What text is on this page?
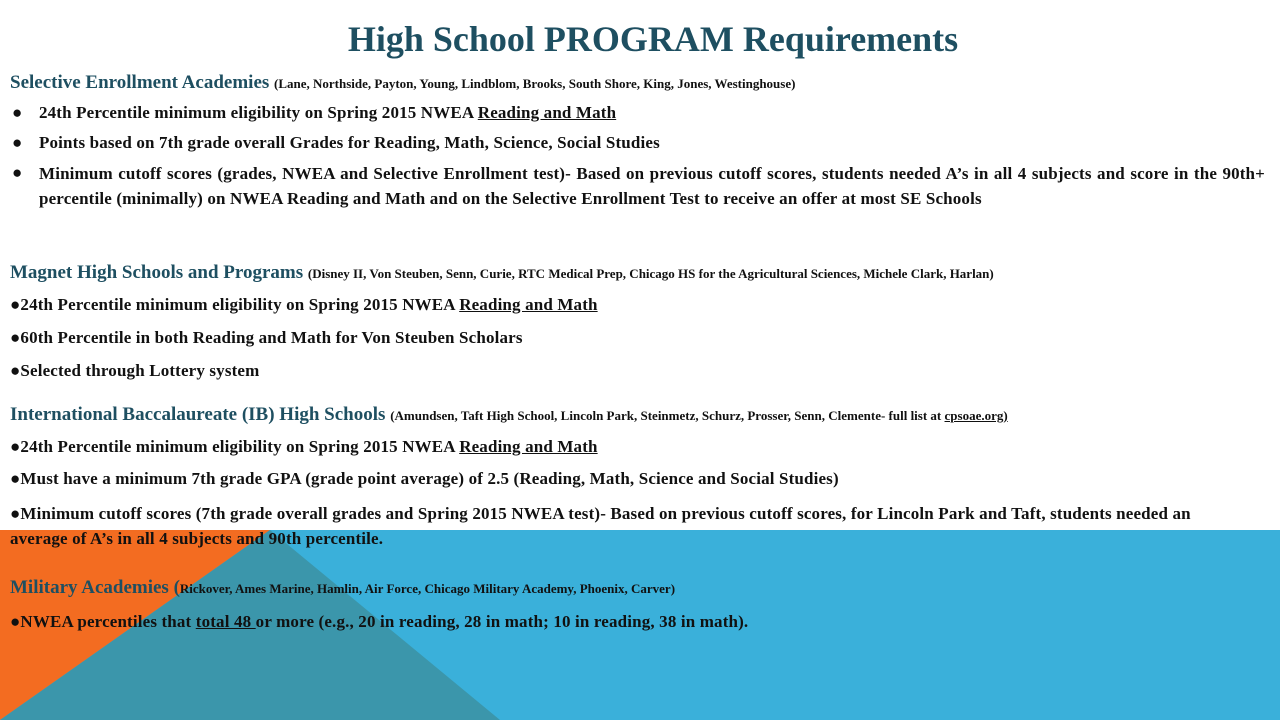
High School PROGRAM Requirements
Selective Enrollment Academies (Lane, Northside, Payton, Young, Lindblom, Brooks, South Shore, King, Jones, Westinghouse)
● 24th Percentile minimum eligibility on Spring 2015 NWEA Reading and Math
● Points based on 7th grade overall Grades for Reading, Math, Science, Social Studies
● Minimum cutoff scores (grades, NWEA and Selective Enrollment test)- Based on previous cutoff scores, students needed A’s in all 4 subjects and score in the 90th+ percentile (minimally) on NWEA Reading and Math and on the Selective Enrollment Test to receive an offer at most SE Schools
Magnet High Schools and Programs (Disney II, Von Steuben, Senn, Curie, RTC Medical Prep, Chicago HS for the Agricultural Sciences, Michele Clark, Harlan)
●24th Percentile minimum eligibility on Spring 2015 NWEA Reading and Math
●60th Percentile in both Reading and Math for Von Steuben Scholars
●Selected through Lottery system
International Baccalaureate (IB) High Schools (Amundsen, Taft High School, Lincoln Park, Steinmetz, Schurz, Prosser, Senn, Clemente- full list at cpsoae.org)
●24th Percentile minimum eligibility on Spring 2015 NWEA Reading and Math
●Must have a minimum 7th grade GPA (grade point average) of 2.5 (Reading, Math, Science and Social Studies)
●Minimum cutoff scores (7th grade overall grades and Spring 2015 NWEA test)- Based on previous cutoff scores, for Lincoln Park and Taft, students needed an average of A’s in all 4 subjects and 90th percentile.
Military Academies (Rickover, Ames Marine, Hamlin, Air Force, Chicago Military Academy, Phoenix, Carver)
●NWEA percentiles that total 48 or more (e.g., 20 in reading, 28 in math; 10 in reading, 38 in math).
